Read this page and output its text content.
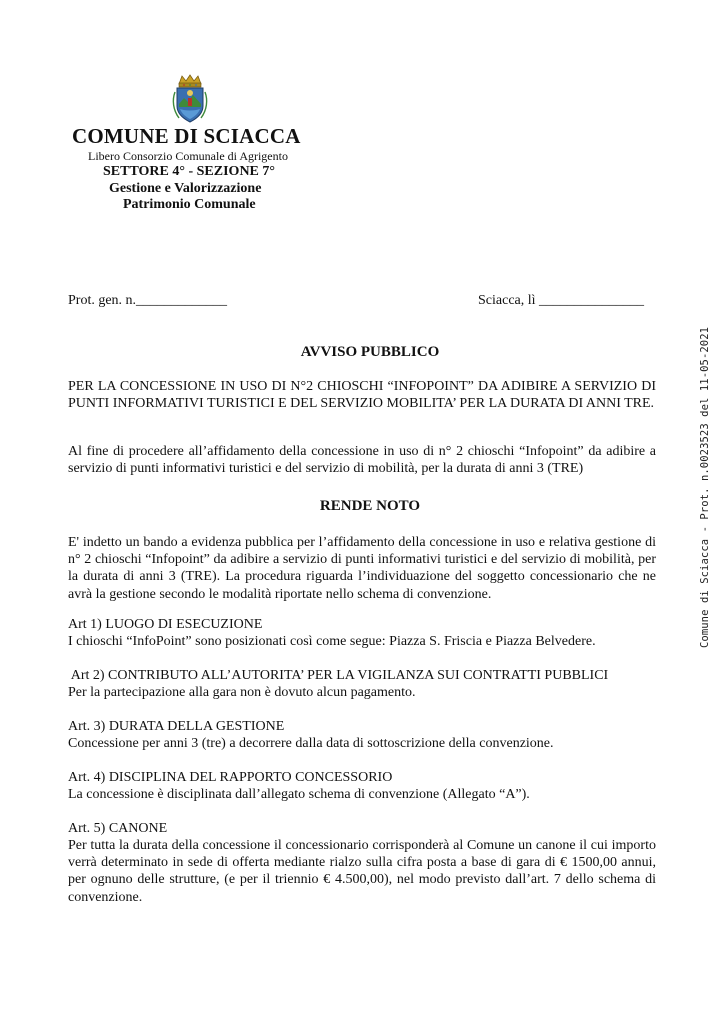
COMUNE DI SCIACCA
Libero Consorzio Comunale di Agrigento
SETTORE 4° - SEZIONE 7°
Gestione e Valorizzazione
Patrimonio Comunale
Prot. gen. n._____________	Sciacca, lì _______________
AVVISO PUBBLICO

PER LA CONCESSIONE IN USO DI N°2 CHIOSCHI “INFOPOINT” DA ADIBIRE A SERVIZIO DI PUNTI INFORMATIVI TURISTICI E DEL SERVIZIO MOBILITA’ PER LA DURATA DI ANNI TRE.

Al fine di procedere all’affidamento della concessione in uso di n° 2 chioschi “Infopoint” da adibire a servizio di punti informativi turistici e del servizio di mobilità, per la durata di anni 3 (TRE)

RENDE NOTO

E' indetto un bando a evidenza pubblica per l’affidamento della concessione in uso e relativa gestione di n° 2 chioschi “Infopoint” da adibire a servizio di punti informativi turistici e del servizio di mobilità, per la durata di anni 3 (TRE). La procedura riguarda l’individuazione del soggetto concessionario che ne avrà la gestione secondo le modalità riportate nello schema di convenzione.

Art 1) LUOGO DI ESECUZIONE

I chioschi “InfoPoint” sono posizionati così come segue: Piazza S. Friscia e Piazza Belvedere.

Art 2) CONTRIBUTO ALL’AUTORITA’ PER LA VIGILANZA SUI CONTRATTI PUBBLICI

Per la partecipazione alla gara non è dovuto alcun pagamento.

Art. 3) DURATA DELLA GESTIONE

Concessione per anni 3 (tre) a decorrere dalla data di sottoscrizione della convenzione.

Art. 4) DISCIPLINA DEL RAPPORTO CONCESSORIO

La concessione è disciplinata dall’allegato schema di convenzione (Allegato “A”).

Art. 5) CANONE

Per tutta la durata della concessione il concessionario corrisponderà al Comune un canone il cui importo verrà determinato in sede di offerta mediante rialzo sulla cifra posta a base di gara di € 1500,00 annui, per ognuno delle strutture, (e per il triennio € 4.500,00), nel modo previsto dall’art. 7 dello schema di convenzione.

Comune di Sciacca - Prot. n.0023523 del 11-05-2021
